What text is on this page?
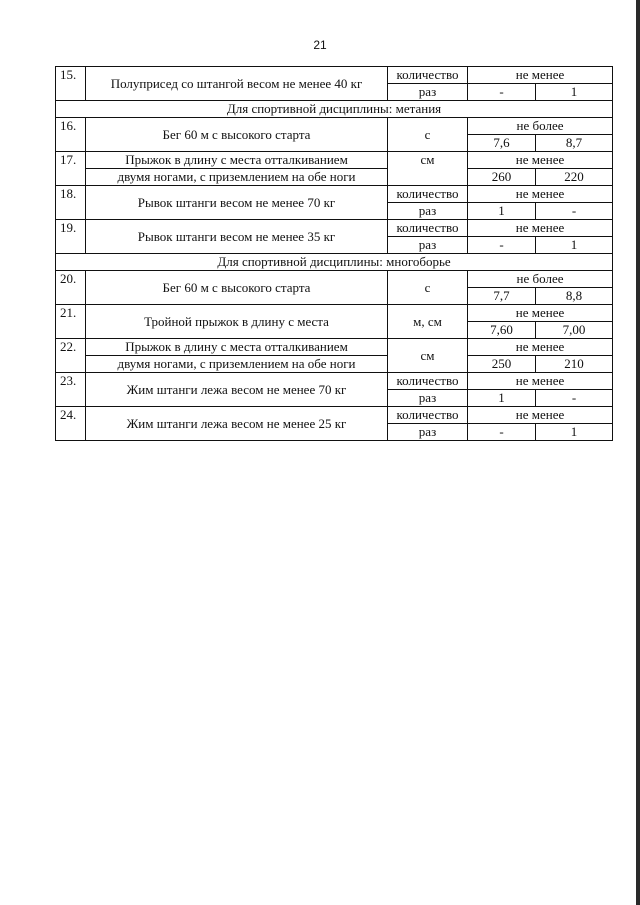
21
15.	Полуприсед со штангой весом не менее 40 кг	количество	не менее	
		раз	-	1
Для спортивной дисциплины: метания				
16.	Бег 60 м с высокого старта	с	не более	
			7,6	8,7
17.	Прыжок в длину с места отталкиванием	см	не менее	
	двумя ногами, с приземлением на обе ноги		260	220
18.	Рывок штанги весом не менее 70 кг	количество	не менее	
		раз	1	-
19.	Рывок штанги весом не менее 35 кг	количество	не менее	
		раз	-	1
Для спортивной дисциплины: многоборье				
20.	Бег 60 м с высокого старта	с	не более	
			7,7	8,8
21.	Тройной прыжок в длину с места	м, см	не менее	
			7,60	7,00
22.	Прыжок в длину с места отталкиванием	см	не менее	
	двумя ногами, с приземлением на обе ноги		250	210
23.	Жим штанги лежа весом не менее 70 кг	количество	не менее	
		раз	1	-
24.	Жим штанги лежа весом не менее 25 кг	количество	не менее	
		раз	-	1
